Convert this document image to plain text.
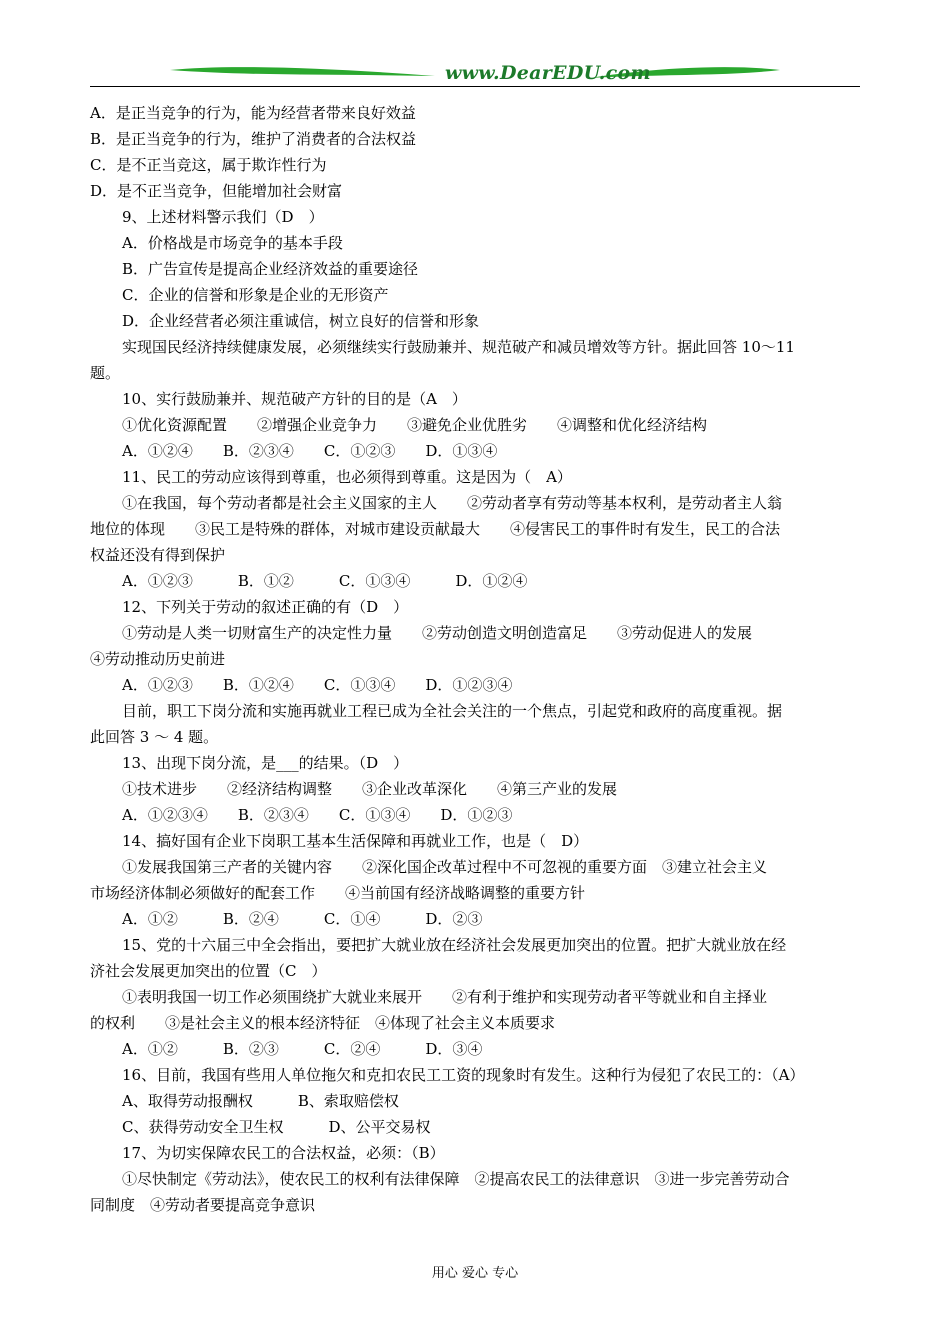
www.DearEDU.com
A．是正当竞争的行为，能为经营者带来良好效益
B．是正当竞争的行为，维护了消费者的合法权益
C．是不正当竞这，属于欺诈性行为
D．是不正当竞争，但能增加社会财富
9、上述材料警示我们（D　）
A．价格战是市场竞争的基本手段
B．广告宣传是提高企业经济效益的重要途径
C．企业的信誉和形象是企业的无形资产
D．企业经营者必须注重诚信，树立良好的信誉和形象
实现国民经济持续健康发展，必须继续实行鼓励兼并、规范破产和减员增效等方针。据此回答 10～11
题。
10、实行鼓励兼并、规范破产方针的目的是（A　）
①优化资源配置　　②增强企业竞争力　　③避免企业优胜劣　　④调整和优化经济结构
A．①②④　　B．②③④　　C．①②③　　D．①③④
11、民工的劳动应该得到尊重，也必须得到尊重。这是因为（　A）
①在我国，每个劳动者都是社会主义国家的主人　　②劳动者享有劳动等基本权利，是劳动者主人翁
地位的体现　　③民工是特殊的群体，对城市建设贡献最大　　④侵害民工的事件时有发生，民工的合法
权益还没有得到保护
A．①②③　　　B．①②　　　C．①③④　　　D．①②④
12、下列关于劳动的叙述正确的有（D　）
①劳动是人类一切财富生产的决定性力量　　②劳动创造文明创造富足　　③劳动促进人的发展
④劳动推动历史前进
A．①②③　　B．①②④　　C．①③④　　D．①②③④
目前，职工下岗分流和实施再就业工程已成为全社会关注的一个焦点，引起党和政府的高度重视。据
此回答 3 ～ 4 题。
13、出现下岗分流，是___的结果。（D　）
①技术进步　　②经济结构调整　　③企业改革深化　　④第三产业的发展
A．①②③④　　B．②③④　　C．①③④　　D．①②③
14、搞好国有企业下岗职工基本生活保障和再就业工作，也是（　D）
①发展我国第三产者的关键内容　　②深化国企改革过程中不可忽视的重要方面　③建立社会主义
市场经济体制必须做好的配套工作　　④当前国有经济战略调整的重要方针
A．①②　　　B．②④　　　C．①④　　　D．②③
15、党的十六届三中全会指出，要把扩大就业放在经济社会发展更加突出的位置。把扩大就业放在经
济社会发展更加突出的位置（C　）
①表明我国一切工作必须围绕扩大就业来展开　　②有利于维护和实现劳动者平等就业和自主择业
的权利　　③是社会主义的根本经济特征　④体现了社会主义本质要求
A．①②　　　B．②③　　　C．②④　　　D．③④
16、目前，我国有些用人单位拖欠和克扣农民工工资的现象时有发生。这种行为侵犯了农民工的：（A）
A、取得劳动报酬权　　　B、索取赔偿权
C、获得劳动安全卫生权　　　D、公平交易权
17、为切实保障农民工的合法权益，必须：（B）
①尽快制定《劳动法》，使农民工的权利有法律保障　②提高农民工的法律意识　③进一步完善劳动合
同制度　④劳动者要提高竞争意识
用心 爱心 专心
